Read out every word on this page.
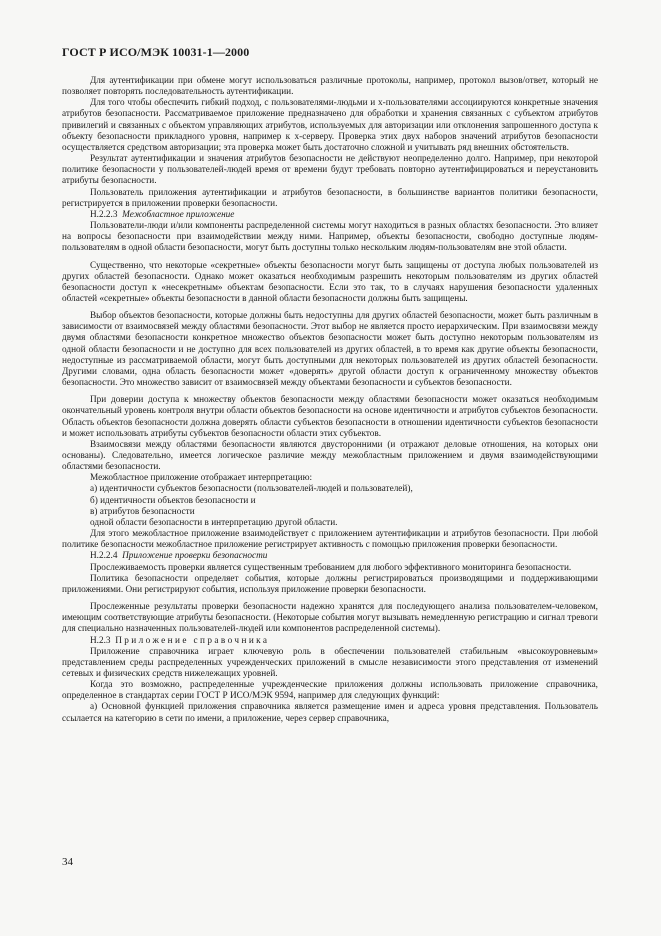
ГОСТ Р ИСО/МЭК 10031-1—2000

Для аутентификации при обмене могут использоваться различные протоколы, например, протокол вызов/ответ, который не позволяет повторять последовательность аутентификации.

Для того чтобы обеспечить гибкий подход, с пользователями-людьми и x-пользователями ассоциируются конкретные значения атрибутов безопасности. Рассматриваемое приложение предназначено для обработки и хранения связанных с субъектом атрибутов привилегий и связанных с объектом управляющих атрибутов, используемых для авторизации или отклонения запрошенного доступа к объекту безопасности прикладного уровня, например к x-серверу. Проверка этих двух наборов значений атрибутов безопасности осуществляется средством авторизации; эта проверка может быть достаточно сложной и учитывать ряд внешних обстоятельств.

Результат аутентификации и значения атрибутов безопасности не действуют неопределенно долго. Например, при некоторой политике безопасности у пользователей-людей время от времени будут требовать повторно аутентифицироваться и переустановить атрибуты безопасности.

Пользователь приложения аутентификации и атрибутов безопасности, в большинстве вариантов политики безопасности, регистрируется в приложении проверки безопасности.

Н.2.2.3 Межобластное приложение

Пользователи-люди и/или компоненты распределенной системы могут находиться в разных областях безопасности. Это влияет на вопросы безопасности при взаимодействии между ними. Например, объекты безопасности, свободно доступные людям-пользователям в одной области безопасности, могут быть доступны только нескольким людям-пользователям вне этой области.

Существенно, что некоторые «секретные» объекты безопасности могут быть защищены от доступа любых пользователей из других областей безопасности. Однако может оказаться необходимым разрешить некоторым пользователям из других областей безопасности доступ к «несекретным» объектам безопасности. Если это так, то в случаях нарушения безопасности удаленных областей «секретные» объекты безопасности в данной области безопасности должны быть защищены.

Выбор объектов безопасности, которые должны быть недоступны для других областей безопасности, может быть различным в зависимости от взаимосвязей между областями безопасности. Этот выбор не является просто иерархическим. При взаимосвязи между двумя областями безопасности конкретное множество объектов безопасности может быть доступно некоторым пользователям из одной области безопасности и не доступно для всех пользователей из других областей, в то время как другие объекты безопасности, недоступные из рассматриваемой области, могут быть доступными для некоторых пользователей из других областей безопасности. Другими словами, одна область безопасности может «доверять» другой области доступ к ограниченному множеству объектов безопасности. Это множество зависит от взаимосвязей между объектами безопасности и субъектов безопасности.

При доверии доступа к множеству объектов безопасности между областями безопасности может оказаться необходимым окончательный уровень контроля внутри области объектов безопасности на основе идентичности и атрибутов субъектов безопасности. Область объектов безопасности должна доверять области субъектов безопасности в отношении идентичности субъектов безопасности и может использовать атрибуты субъектов безопасности области этих субъектов.

Взаимосвязи между областями безопасности являются двусторонними (и отражают деловые отношения, на которых они основаны). Следовательно, имеется логическое различие между межобластным приложением и двумя взаимодействующими областями безопасности.

Межобластное приложение отображает интерпретацию:

а) идентичности субъектов безопасности (пользователей-людей и пользователей),

б) идентичности объектов безопасности и

в) атрибутов безопасности

одной области безопасности в интерпретацию другой области.

Для этого межобластное приложение взаимодействует с приложением аутентификации и атрибутов безопасности. При любой политике безопасности межобластное приложение регистрирует активность с помощью приложения проверки безопасности.

Н.2.2.4 Приложение проверки безопасности

Прослеживаемость проверки является существенным требованием для любого эффективного мониторинга безопасности.

Политика безопасности определяет события, которые должны регистрироваться производящими и поддерживающими приложениями. Они регистрируют события, используя приложение проверки безопасности.

Прослеженные результаты проверки безопасности надежно хранятся для последующего анализа пользователем-человеком, имеющим соответствующие атрибуты безопасности. (Некоторые события могут вызывать немедленную регистрацию и сигнал тревоги для специально назначенных пользователей-людей или компонентов распределенной системы).

Н.2.3 Приложение справочника

Приложение справочника играет ключевую роль в обеспечении пользователей стабильным «высокоуровневым» представлением среды распределенных учрежденческих приложений в смысле независимости этого представления от изменений сетевых и физических средств нижележащих уровней.

Когда это возможно, распределенные учрежденческие приложения должны использовать приложение справочника, определенное в стандартах серии ГОСТ Р ИСО/МЭК 9594, например для следующих функций:

а) Основной функцией приложения справочника является размещение имен и адреса уровня представления. Пользователь ссылается на категорию в сети по имени, а приложение, через сервер справочника,

34
